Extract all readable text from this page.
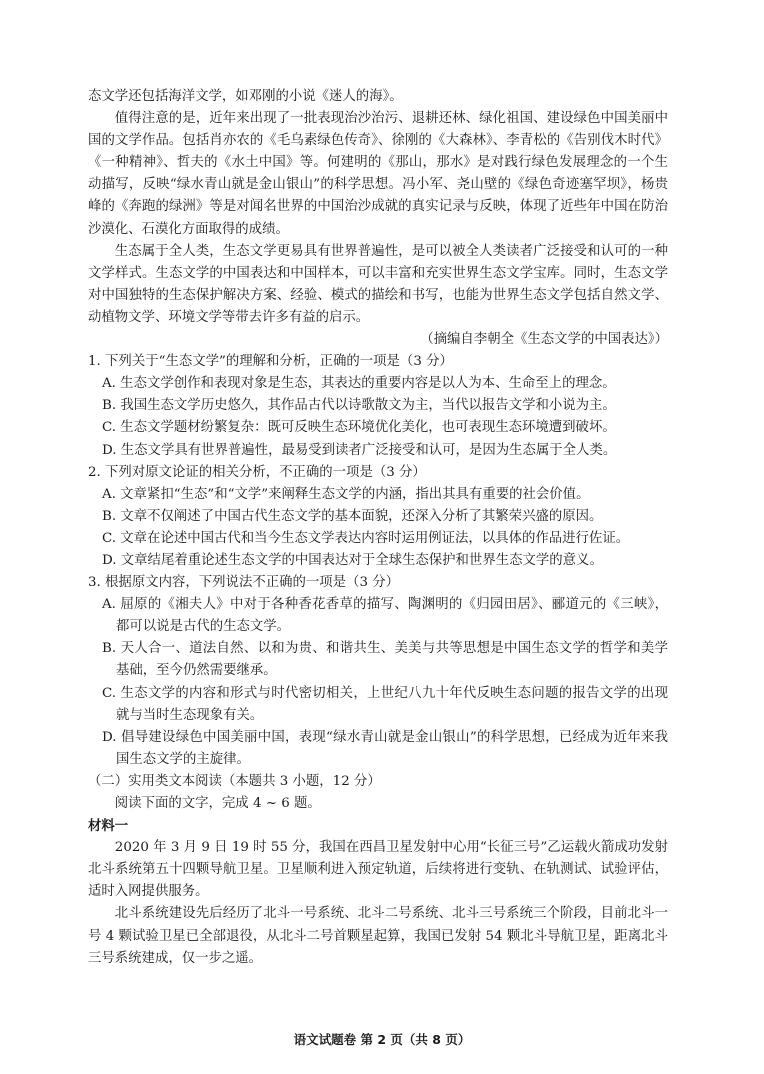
态文学还包括海洋文学，如邓刚的小说《迷人的海》。

值得注意的是，近年来出现了一批表现治沙治污、退耕还林、绿化祖国、建设绿色中国美丽中国的文学作品。包括肖亦农的《毛乌素绿色传奇》、徐刚的《大森林》、李青松的《告别伐木时代》《一种精神》、哲夫的《水土中国》等。何建明的《那山，那水》是对践行绿色发展理念的一个生动描写，反映“绿水青山就是金山银山”的科学思想。冯小军、尧山壁的《绿色奇迹塞罕坝》，杨贵峰的《奔跑的绿洲》等是对闻名世界的中国治沙成就的真实记录与反映，体现了近些年中国在防治沙漠化、石漠化方面取得的成绩。

生态属于全人类，生态文学更易具有世界普遍性，是可以被全人类读者广泛接受和认可的一种文学样式。生态文学的中国表达和中国样本，可以丰富和充实世界生态文学宝库。同时，生态文学对中国独特的生态保护解决方案、经验、模式的描绘和书写，也能为世界生态文学包括自然文学、动植物文学、环境文学等带去许多有益的启示。

（摘编自李朝全《生态文学的中国表达》）

1. 下列关于“生态文学”的理解和分析，正确的一项是（3 分）

A. 生态文学创作和表现对象是生态，其表达的重要内容是以人为本、生命至上的理念。

B. 我国生态文学历史悠久，其作品古代以诗歌散文为主，当代以报告文学和小说为主。

C. 生态文学题材纷繁复杂：既可反映生态环境优化美化，也可表现生态环境遭到破坏。

D. 生态文学具有世界普遍性，最易受到读者广泛接受和认可，是因为生态属于全人类。

2. 下列对原文论证的相关分析，不正确的一项是（3 分）

A. 文章紧扣“生态”和“文学”来阐释生态文学的内涵，指出其具有重要的社会价值。

B. 文章不仅阐述了中国古代生态文学的基本面貌，还深入分析了其繁荣兴盛的原因。

C. 文章在论述中国古代和当今生态文学表达内容时运用例证法，以具体的作品进行佐证。

D. 文章结尾着重论述生态文学的中国表达对于全球生态保护和世界生态文学的意义。

3. 根据原文内容，下列说法不正确的一项是（3 分）

A. 屈原的《湘夫人》中对于各种香花香草的描写、陶渊明的《归园田居》、郦道元的《三峡》，都可以说是古代的生态文学。

B. 天人合一、道法自然、以和为贵、和谐共生、美美与共等思想是中国生态文学的哲学和美学基础，至今仍然需要继承。

C. 生态文学的内容和形式与时代密切相关，上世纪八九十年代反映生态问题的报告文学的出现就与当时生态现象有关。

D. 倡导建设绿色中国美丽中国，表现“绿水青山就是金山银山”的科学思想，已经成为近年来我国生态文学的主旋律。

（二）实用类文本阅读（本题共 3 小题，12 分）

阅读下面的文字，完成 4 ~ 6 题。

材料一

2020 年 3 月 9 日 19 时 55 分，我国在西昌卫星发射中心用“长征三号”乙运载火箭成功发射北斗系统第五十四颗导航卫星。卫星顺利进入预定轨道，后续将进行变轨、在轨测试、试验评估，适时入网提供服务。

北斗系统建设先后经历了北斗一号系统、北斗二号系统、北斗三号系统三个阶段，目前北斗一号 4 颗试验卫星已全部退役，从北斗二号首颗星起算，我国已发射 54 颗北斗导航卫星，距离北斗三号系统建成，仅一步之遥。

语文试题卷 第 2 页（共 8 页）
